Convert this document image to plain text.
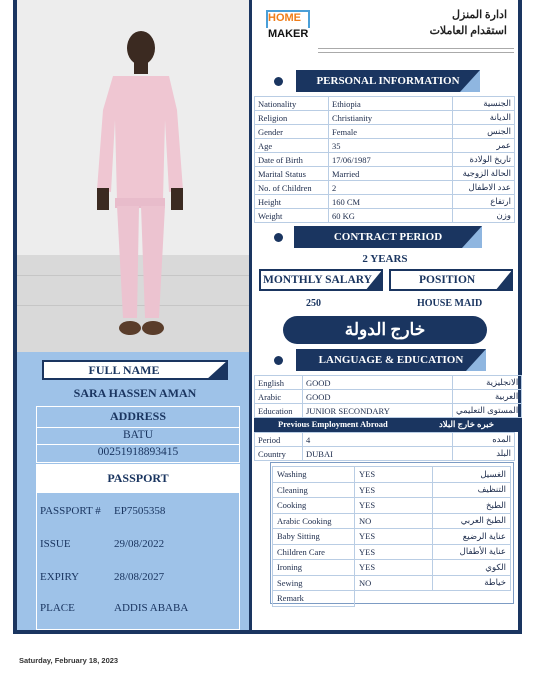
FULL NAME
SARA HASSEN AMAN
ADDRESS
BATU
00251918893415
PASSPORT
PASSPORT # EP7505358
ISSUE	29/08/2022
EXPIRY	28/08/2027
PLACE	ADDIS ABABA
HOME
MAKER
ادارة المنزل
استقدام العاملات
PERSONAL INFORMATION
Nationality	Ethiopia	الجنسية
Religion	Christianity	الديانة
Gender	Female	الجنس
Age	35	عمر
Date of Birth	17/06/1987	تاريخ الولادة
Marital Status	Married	الحالة الزوجية
No. of Children	2	عدد الاطفال
Height	160 CM	ارتفاع
Weight	60 KG	وزن
CONTRACT PERIOD
2 YEARS
MONTHLY SALARY	POSITION
250	HOUSE MAID
خارج الدولة
LANGUAGE & EDUCATION
English	GOOD	الانجليزية
Arabic	GOOD	العربية
Education	JUNIOR SECONDARY	المستوى التعليمي
Previous Employment Abroad	خبره خارج البلاد
Period	4	المده
Country	DUBAI	البلد
Washing	YES	الغسيل
Cleaning	YES	التنظيف
Cooking	YES	الطبخ
Arabic Cooking	NO	الطبخ العربي
Baby Sitting	YES	عناية الرضيع
Children Care	YES	عناية الأطفال
Ironing	YES	الكوي
Sewing	NO	خياطة
Remark		
Saturday, February 18, 2023
